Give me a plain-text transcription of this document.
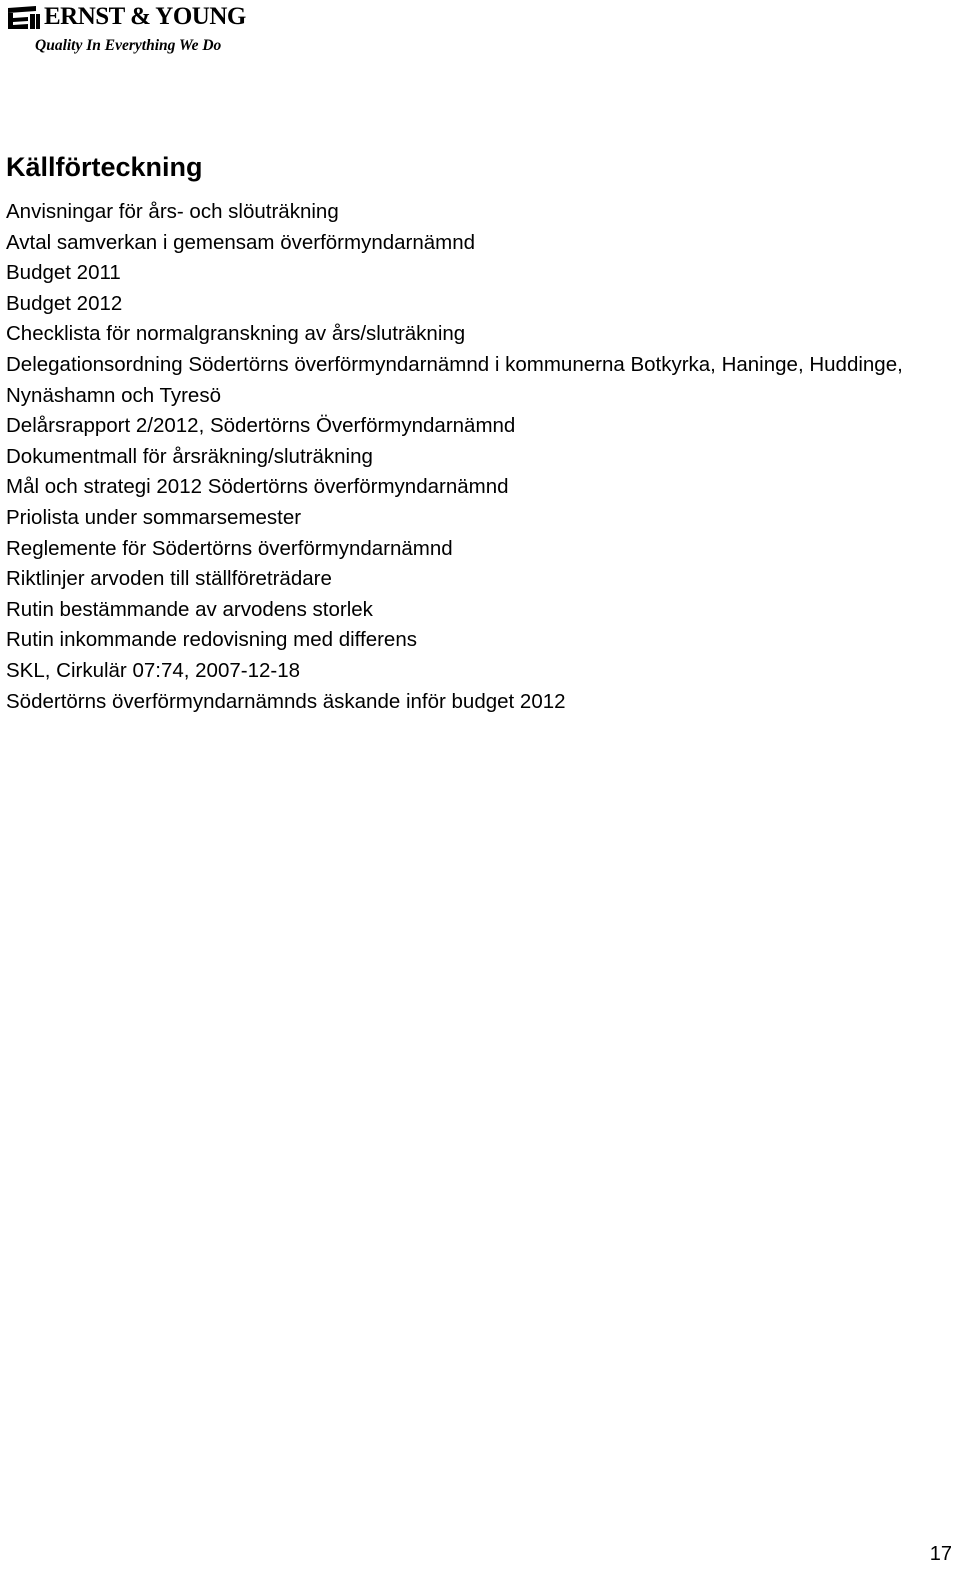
ERNST & YOUNG
Quality In Everything We Do
Källförteckning
Anvisningar för års- och slöuträkning
Avtal samverkan i gemensam överförmyndarnämnd
Budget 2011
Budget 2012
Checklista för normalgranskning av års/sluträkning
Delegationsordning Södertörns överförmyndarnämnd i kommunerna Botkyrka, Haninge, Huddinge, Nynäshamn och Tyresö
Delårsrapport 2/2012, Södertörns Överförmyndarnämnd
Dokumentmall för årsräkning/sluträkning
Mål och strategi 2012 Södertörns överförmyndarnämnd
Priolista under sommarsemester
Reglemente för Södertörns överförmyndarnämnd
Riktlinjer arvoden till ställföreträdare
Rutin bestämmande av arvodens storlek
Rutin inkommande redovisning med differens
SKL, Cirkulär 07:74, 2007-12-18
Södertörns överförmyndarnämnds äskande inför budget 2012
17
